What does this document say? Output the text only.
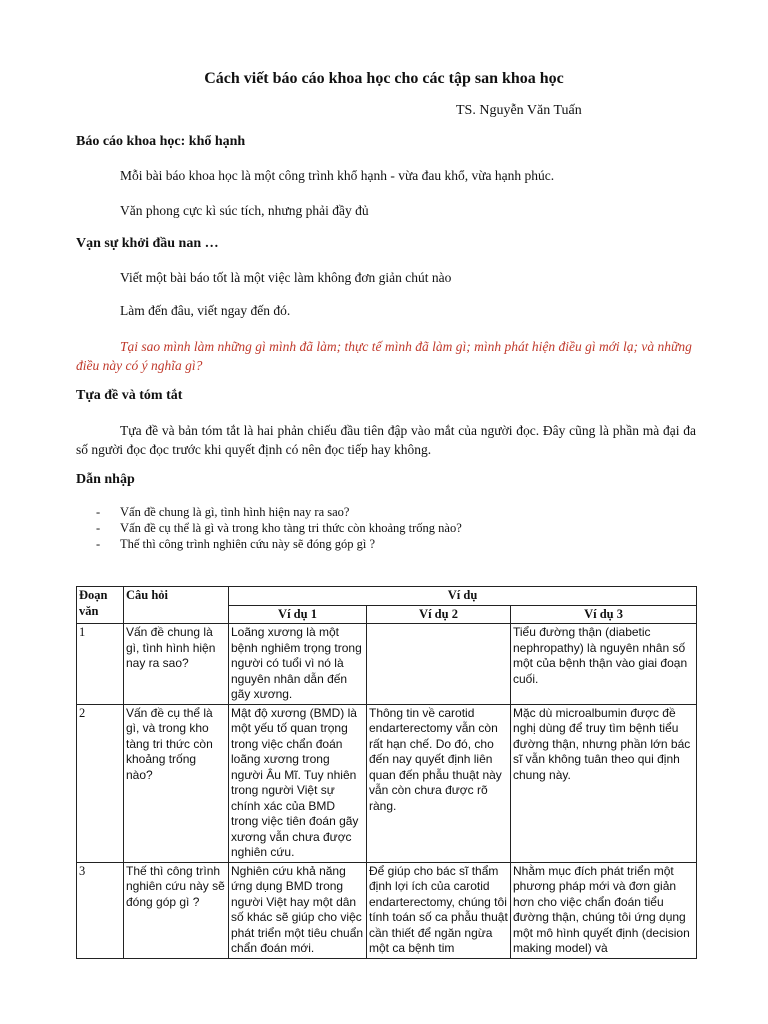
Cách viết báo cáo khoa học cho các tập san khoa học
TS. Nguyễn Văn Tuấn
Báo cáo khoa học: khổ hạnh

Mỗi bài báo khoa học là một công trình khổ hạnh - vừa đau khổ, vừa hạnh phúc.

Văn phong cực kì súc tích, nhưng phải đầy đủ

Vạn sự khởi đầu nan …

Viết một bài báo tốt là một việc làm không đơn giản chút nào

Làm đến đâu, viết ngay đến đó.

Tại sao mình làm những gì mình đã làm; thực tế mình đã làm gì; mình phát hiện điều gì mới lạ; và những điều này có ý nghĩa gì?

Tựa đề và tóm tắt

Tựa đề và bản tóm tắt là hai phản chiếu đầu tiên đập vào mắt của người đọc. Đây cũng là phần mà đại đa số người đọc đọc trước khi quyết định có nên đọc tiếp hay không.

Dẫn nhập
- Vấn đề chung là gì, tình hình hiện nay ra sao?
- Vấn đề cụ thể là gì và trong kho tàng tri thức còn khoảng trống nào?
- Thế thì công trình nghiên cứu này sẽ đóng góp gì ?
Đoạn văn	Câu hỏi	Ví dụ		
		Ví dụ 1	Ví dụ 2	Ví dụ 3
1	Vấn đề chung là gì, tình hình hiện nay ra sao?	Loãng xương là một bệnh nghiêm trọng trong người có tuổi vì nó là nguyên nhân dẫn đến gãy xương.		Tiểu đường thận (diabetic nephropathy) là nguyên nhân số một của bệnh thận vào giai đoạn cuối.
2	Vấn đề cụ thể là gì, và trong kho tàng tri thức còn khoảng trống nào?	Mật độ xương (BMD) là một yếu tố quan trọng trong việc chẩn đoán loãng xương trong người Âu Mĩ. Tuy nhiên trong người Việt sự chính xác của BMD trong việc tiên đoán gãy xương vẫn chưa được nghiên cứu.	Thông tin về carotid endarterectomy vẫn còn rất hạn chế. Do đó, cho đến nay quyết định liên quan đến phẫu thuật này vẫn còn chưa được rõ ràng.	Mặc dù microalbumin được đề nghị dùng để truy tìm bệnh tiểu đường thận, nhưng phần lớn bác sĩ vẫn không tuân theo qui định chung này.
3	Thế thì công trình nghiên cứu này sẽ đóng góp gì ?	Nghiên cứu khả năng ứng dụng BMD trong người Việt hay một dân số khác sẽ giúp cho việc phát triển một tiêu chuẩn chẩn đoán mới.	Để giúp cho bác sĩ thẩm định lợi ích của carotid endarterectomy, chúng tôi tính toán số ca phẫu thuật cần thiết để ngăn ngừa một ca bệnh tim	Nhằm mục đích phát triển một phương pháp mới và đơn giản hơn cho việc chẩn đoán tiểu đường thận, chúng tôi ứng dụng một mô hình quyết định (decision making model) và
